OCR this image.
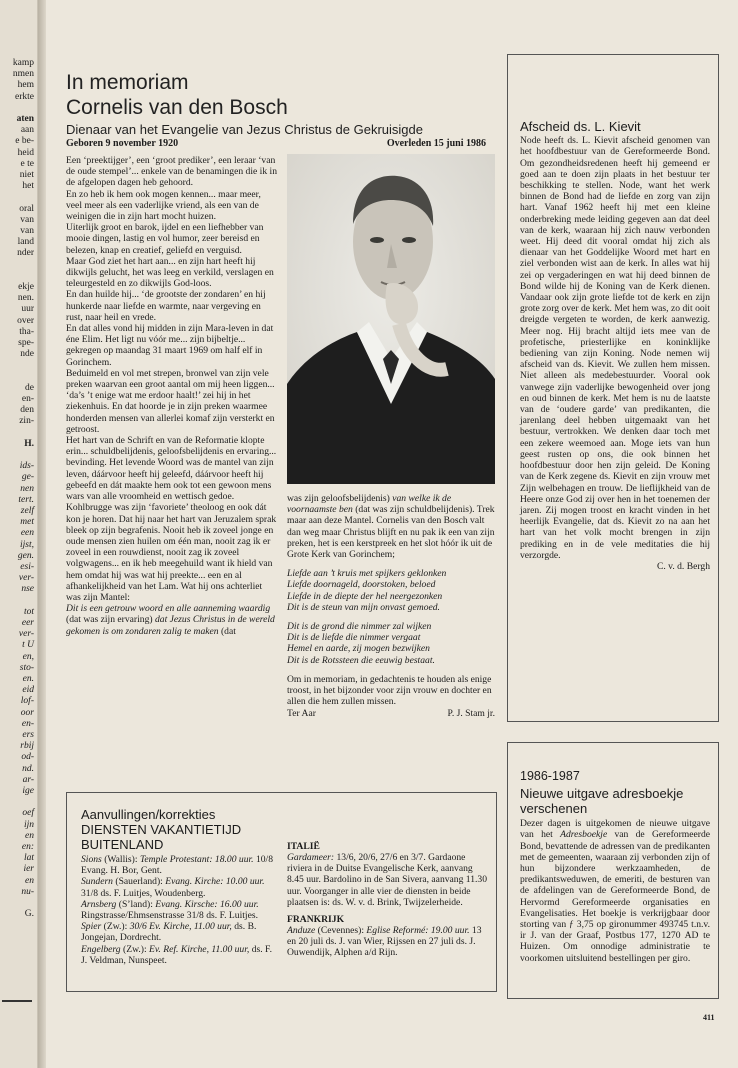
kamp
nmen
hem
erkte
aten
aan
e be-
heid
e te
niet
het
oral
van
van
land
nder
ekje
nen.
uur
over
tha-
spe-
nde
de
en-
den
zin-
H.
ids-
ge-
nen
tert.
zelf
met
een
ijst,
gen.
esi-
ver-
nse
tot
eer
ver-
t U
en,
sto-
en.
eid
lof-
oor
en-
ers
rbij
od-
nd.
ar-
ige
oef
ijn
en
en:
lat
ier
en
nu-
G.
In memoriam
Cornelis van den Bosch
Dienaar van het Evangelie van Jezus Christus de Gekruisigde
Geboren 9 november 1920	Overleden 15 juni 1986

Een ‘preektijger’, een ‘groot prediker’, een leraar ‘van de oude stempel’... enkele van de benamingen die ik in de afgelopen dagen heb gehoord.

En zo heb ik hem ook mogen kennen... maar meer, veel meer als een vaderlijke vriend, als een van de weinigen die in zijn hart mocht huizen.

Uiterlijk groot en barok, ijdel en een liefhebber van mooie dingen, lastig en vol humor, zeer bereisd en belezen, knap en creatief, geliefd en verguisd.

Maar God ziet het hart aan... en zijn hart heeft hij dikwijls gelucht, het was leeg en verkild, verslagen en teleurgesteld en zo dikwijls God-loos.

En dan huilde hij... ‘de grootste der zondaren’ en hij hunkerde naar liefde en warmte, naar vergeving en rust, naar heil en vrede.

En dat alles vond hij midden in zijn Mara-leven in dat éne Elim. Het ligt nu vóór me... zijn bijbeltje... gekregen op maandag 31 maart 1969 om half elf in Gorinchem.

Beduimeld en vol met strepen, bronwel van zijn vele preken waarvan een groot aantal om mij heen liggen... ‘da’s ’t enige wat me erdoor haalt!’ zei hij in het ziekenhuis. En dat hoorde je in zijn preken waarmee honderden mensen van allerlei komaf zijn versterkt en getroost.

Het hart van de Schrift en van de Reformatie klopte erin... schuldbelijdenis, geloofsbelijdenis en ervaring... bevinding. Het levende Woord was de mantel van zijn leven, dáárvoor heeft hij geleefd, dáárvoor heeft hij gebeefd en dát maakte hem ook tot een gewoon mens wars van alle vroomheid en wettisch gedoe. Kohlbrugge was zijn ‘favoriete’ theoloog en ook dát kon je horen. Dat hij naar het hart van Jeruzalem sprak bleek op zijn begrafenis. Nooit heb ik zoveel jonge en oude mensen zien huilen om één man, nooit zag ik er zoveel in een rouwdienst, nooit zag ik zoveel volgwagens... en ik heb meegehuild want ik hield van hem omdat hij was wat hij preekte... een en al afhankelijkheid van het Lam. Wat hij ons achterliet was zijn Mantel:

Dit is een getrouw woord en alle aanneming waardig (dat was zijn ervaring) dat Jezus Christus in de wereld gekomen is om zondaren zalig te maken (dat

was zijn geloofsbelijdenis) van welke ik de voornaamste ben (dat was zijn schuldbelijdenis). Trek maar aan deze Mantel. Cornelis van den Bosch valt dan weg maar Christus blijft en nu pak ik een van zijn preken, het is een kerstpreek en het slot hóór ik uit de Grote Kerk van Gorinchem;

Liefde aan ’t kruis met spijkers geklonken
Liefde doornageld, doorstoken, beloed
Liefde in de diepte der hel neergezonken
Dit is de steun van mijn onvast gemoed.
Dit is de grond die nimmer zal wijken
Dit is de liefde die nimmer vergaat
Hemel en aarde, zij mogen bezwijken
Dit is de Rotssteen die eeuwig bestaat.

Om in memoriam, in gedachtenis te houden als enige troost, in het bijzonder voor zijn vrouw en dochter en allen die hem zullen missen.

Ter Aar	P. J. Stam jr.
Afscheid ds. L. Kievit

Node heeft ds. L. Kievit afscheid genomen van het hoofdbestuur van de Gereformeerde Bond. Om gezondheidsredenen heeft hij gemeend er goed aan te doen zijn plaats in het bestuur ter beschikking te stellen. Node, want het werk binnen de Bond had de liefde en zorg van zijn hart. Vanaf 1962 heeft hij met een kleine onderbreking mede leiding gegeven aan dat deel van de kerk, waaraan hij zich nauw verbonden weet. Hij deed dit vooral omdat hij zich als dienaar van het Goddelijke Woord met hart en ziel verbonden wist aan de kerk. In alles wat hij zei op vergaderingen en wat hij deed binnen de Bond wilde hij de Koning van de Kerk dienen. Vandaar ook zijn grote liefde tot de kerk en zijn grote zorg over de kerk. Met hem was, zo dit ooit dreigde vergeten te worden, de kerk aanwezig. Meer nog. Hij bracht altijd iets mee van de profetische, priesterlijke en koninklijke bediening van zijn Koning. Node nemen wij afscheid van ds. Kievit. We zullen hem missen. Niet alleen als medebestuurder. Vooral ook vanwege zijn vaderlijke bewogenheid over jong en oud binnen de kerk. Met hem is nu de laatste van de ‘oudere garde’ van predikanten, die jarenlang deel hebben uitgemaakt van het bestuur, vertrokken. We denken daar toch met een zekere weemoed aan. Moge iets van hun geest rusten op ons, die ook binnen het hoofdbestuur door hen zijn geleid. De Koning van de Kerk zegene ds. Kievit en zijn vrouw met Zijn welbehagen en trouw. De lieflijkheid van de Heere onze God zij over hen in het toenemen der jaren. Zij mogen troost en kracht vinden in het heerlijk Evangelie, dat ds. Kievit zo na aan het hart van het volk mocht brengen in zijn prediking en in de vele meditaties die hij verzorgde.

C. v. d. Bergh

1986-1987
Nieuwe uitgave adresboekje verschenen

Dezer dagen is uitgekomen de nieuwe uitgave van het Adresboekje van de Gereformeerde Bond, bevattende de adressen van de predikanten met de gemeenten, waaraan zij verbonden zijn of hun bijzondere werkzaamheden, de predikantsweduwen, de emeriti, de besturen van de afdelingen van de Gereformeerde Bond, de Hervormd Gereformeerde organisaties en Evangelisaties. Het boekje is verkrijgbaar door storting van ƒ 3,75 op gironummer 493745 t.n.v. ir J. van der Graaf, Postbus 177, 1270 AD te Huizen. Om onnodige administratie te voorkomen uitsluitend bestellingen per giro.

Aanvullingen/korrekties
DIENSTEN VAKANTIETIJD BUITENLAND
Sions (Wallis): Temple Protestant: 18.00 uur. 10/8 Evang. H. Bor, Gent.
Sundern (Sauerland): Evang. Kirche: 10.00 uur. 31/8 ds. F. Luitjes, Woudenberg.
Arnsberg (S’land): Evang. Kirsche: 16.00 uur. Ringstrasse/Ehmsenstrasse 31/8 ds. F. Luitjes.
Spier (Zw.): 30/6 Ev. Kirche, 11.00 uur, ds. B. Jongejan, Dordrecht.
Engelberg (Zw.): Ev. Ref. Kirche, 11.00 uur, ds. F. J. Veldman, Nunspeet.
ITALIË
Gardameer: 13/6, 20/6, 27/6 en 3/7. Gardaone riviera in de Duitse Evangelische Kerk, aanvang 8.45 uur. Bardolino in de San Sivera, aanvang 11.30 uur. Voorganger in alle vier de diensten in beide plaatsen is: ds. W. v. d. Brink, Twijzelerheide.
FRANKRIJK
Anduze (Cevennes): Eglise Reformé: 19.00 uur. 13 en 20 juli ds. J. van Wier, Rijssen en 27 juli ds. J. Ouwendijk, Alphen a/d Rijn.
411
